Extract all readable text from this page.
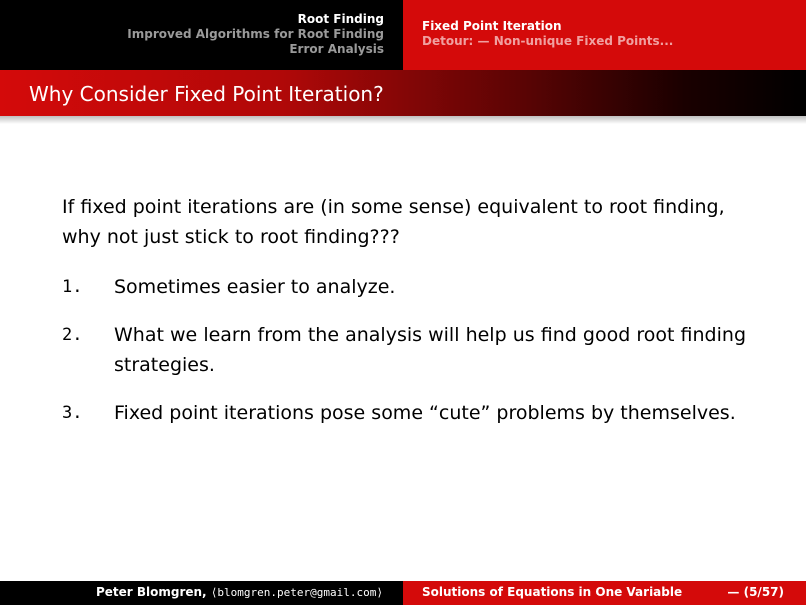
Root Finding
Improved Algorithms for Root Finding
Error Analysis
Fixed Point Iteration
Detour: — Non-unique Fixed Points...
Why Consider Fixed Point Iteration?

If fixed point iterations are (in some sense) equivalent to root finding, why not just stick to root finding???

1.	Sometimes easier to analyze.
2.	What we learn from the analysis will help us find good root finding strategies.
3.	Fixed point iterations pose some “cute” problems by themselves.
Peter Blomgren, ⟨blomgren.peter@gmail.com⟩	Solutions of Equations in One Variable	— (5/57)
